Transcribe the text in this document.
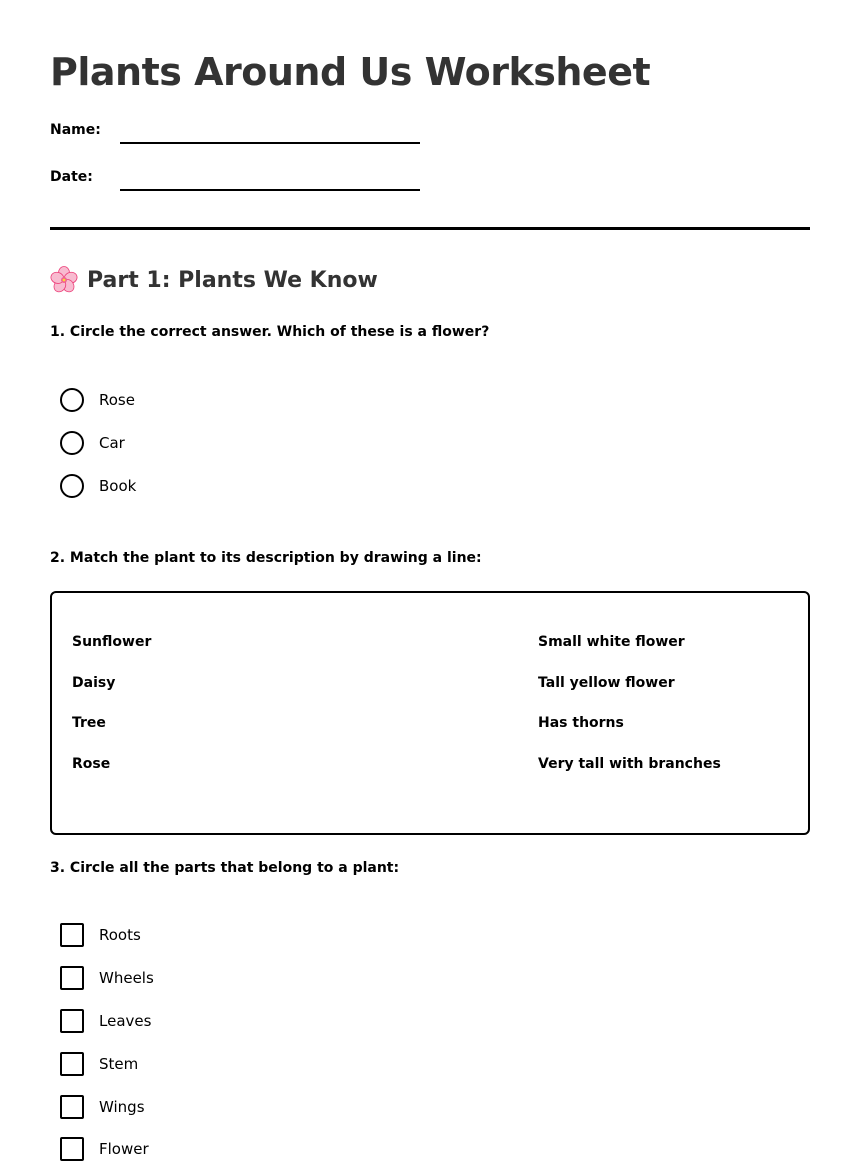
Plants Around Us Worksheet
Name:
Date:
Part 1: Plants We Know
1. Circle the correct answer. Which of these is a flower?
Rose
Car
Book
2. Match the plant to its description by drawing a line:
Sunflower
Daisy
Tree
Rose
Small white flower
Tall yellow flower
Has thorns
Very tall with branches
3. Circle all the parts that belong to a plant:
Roots
Wheels
Leaves
Stem
Wings
Flower
